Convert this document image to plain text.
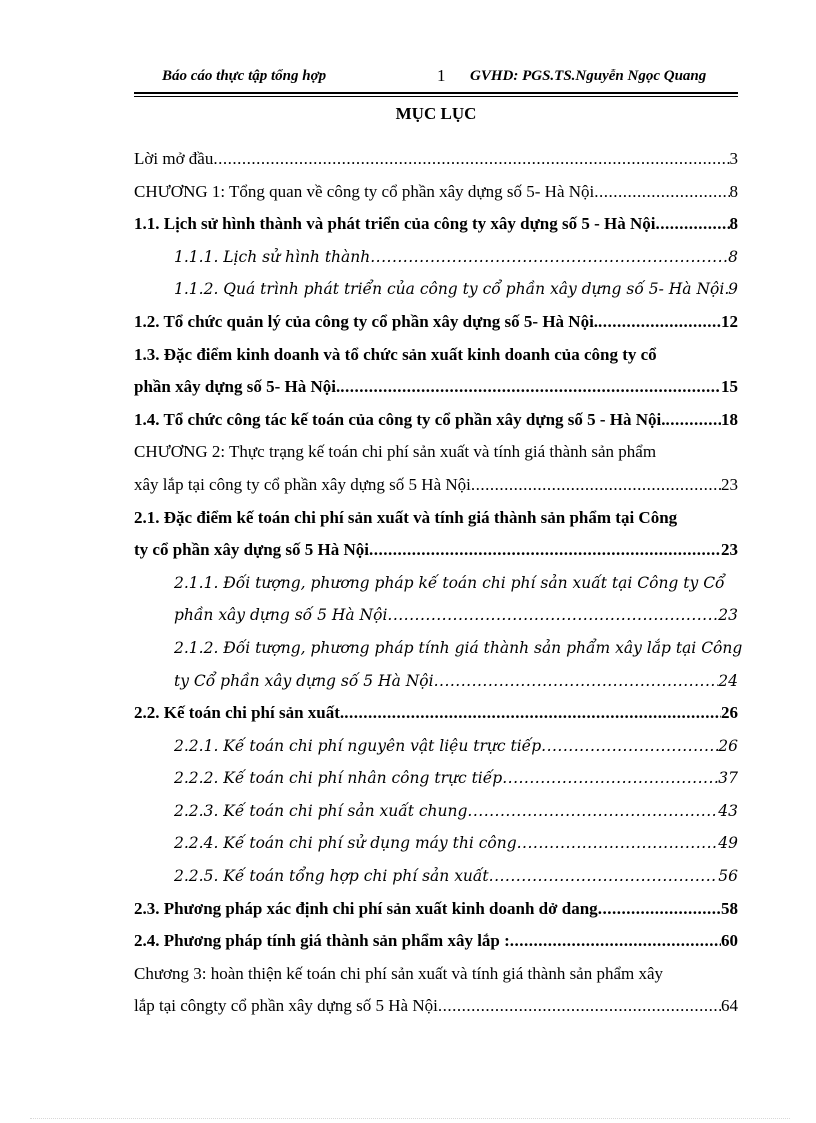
Báo cáo thực tập tổng hợp	1 GVHD: PGS.TS.Nguyễn Ngọc Quang
MỤC LỤC
Lời mở đầu .....	3
CHƯƠNG 1: Tổng quan về công ty cổ phần xây dựng số 5- Hà Nội .....	8
1.1. Lịch sử hình thành và phát triển của công ty xây dựng số 5 - Hà Nội .....	8
1.1.1. Lịch sử hình thành .....	8
1.1.2. Quá trình phát triển của công ty cổ phần xây dựng số 5- Hà Nội ..... 9
1.2. Tổ chức quản lý của công ty cổ phần xây dựng số 5- Hà Nội. .....	12
1.3. Đặc điểm kinh doanh và tổ chức sản xuất kinh doanh của công ty cổ
phần xây dựng số 5- Hà Nội. .....	15
1.4. Tổ chức công tác kế toán của công ty cổ phần xây dựng số 5 - Hà Nội. .....	18
CHƯƠNG 2: Thực trạng kế toán chi phí sản xuất và tính giá thành sản phẩm
xây lắp tại công ty cổ phần xây dựng số 5 Hà Nội .....	23
2.1. Đặc điểm kế toán chi phí sản xuất và tính giá thành sản phẩm tại Công
ty cổ phần xây dựng số 5 Hà Nội .....	23
2.1.1. Đối tượng, phương pháp kế toán chi phí sản xuất tại Công ty Cổ
phần xây dựng số 5 Hà Nội .....	23
2.1.2. Đối tượng, phương pháp tính giá thành sản phẩm xây lắp tại Công
ty Cổ phần xây dựng số 5 Hà Nội .....	24
2.2. Kế toán chi phí sản xuất. .....	26
2.2.1. Kế toán chi phí nguyên vật liệu trực tiếp .....	26
2.2.2. Kế toán chi phí nhân công trực tiếp .....	37
2.2.3. Kế toán chi phí sản xuất chung .....	43
2.2.4. Kế toán chi phí sử dụng máy thi công .....	49
2.2.5. Kế toán tổng hợp chi phí sản xuất .....	56
2.3. Phương pháp xác định chi phí sản xuất kinh doanh dở dang .....	58
2.4. Phương pháp tính giá thành sản phẩm xây lắp : .....	60
Chương 3: hoàn thiện kế toán chi phí sản xuất và tính giá thành sản phẩm xây
lắp tại côngty cổ phần xây dựng số 5 Hà Nội .....	64
